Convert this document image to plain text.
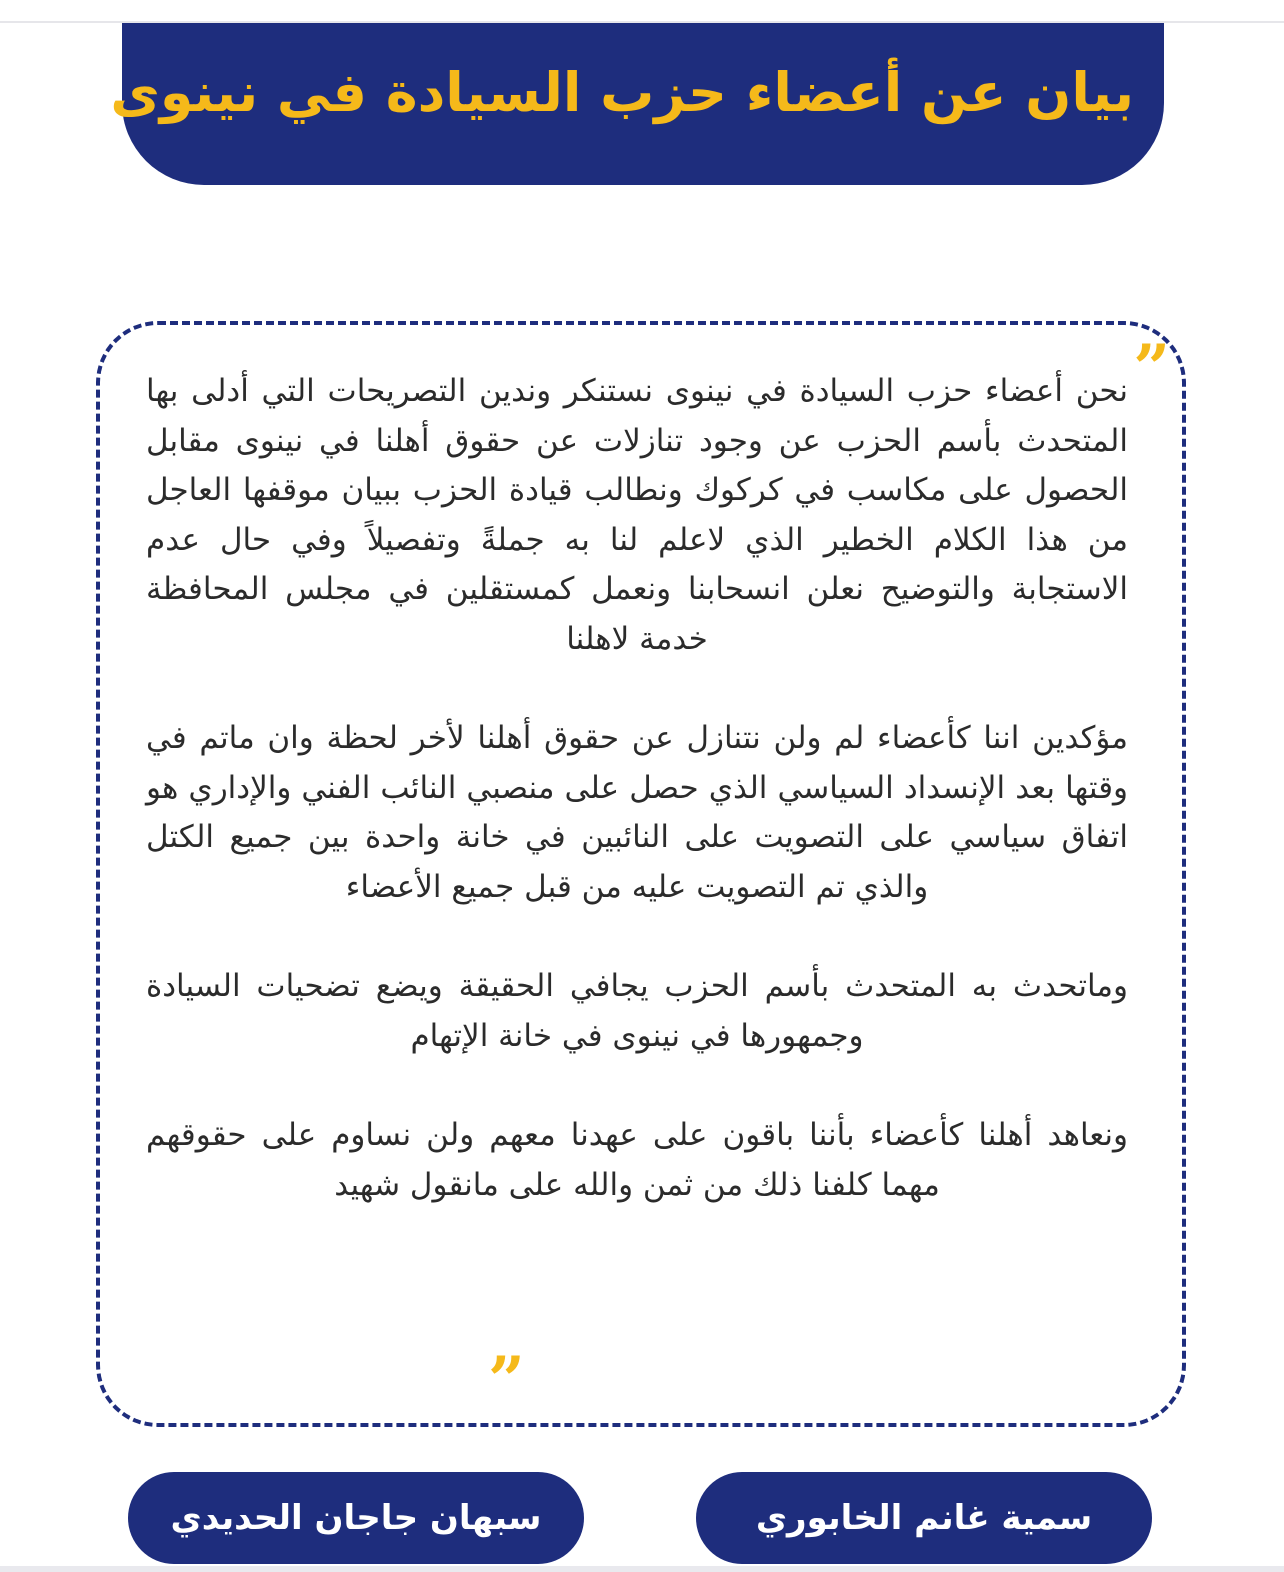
بيان عن أعضاء حزب السيادة في نينوى
”

نحن أعضاء حزب السيادة في نينوى نستنكر وندين التصريحات التي أدلى بها المتحدث بأسم الحزب عن وجود تنازلات عن حقوق أهلنا في نينوى مقابل الحصول على مكاسب في كركوك ونطالب قيادة الحزب ببيان موقفها العاجل من هذا الكلام الخطير الذي لاعلم لنا به جملةً وتفصيلاً وفي حال عدم الاستجابة والتوضيح نعلن انسحابنا ونعمل كمستقلين في مجلس المحافظة خدمة لاهلنا

مؤكدين اننا كأعضاء لم ولن نتنازل عن حقوق أهلنا لأخر لحظة وان ماتم في وقتها بعد الإنسداد السياسي الذي حصل على منصبي النائب الفني والإداري هو اتفاق سياسي على التصويت على النائبين في خانة واحدة بين جميع الكتل والذي تم التصويت عليه من قبل جميع الأعضاء

وماتحدث به المتحدث بأسم الحزب يجافي الحقيقة ويضع تضحيات السيادة وجمهورها في نينوى في خانة الإتهام

ونعاهد أهلنا كأعضاء بأننا باقون على عهدنا معهم ولن نساوم على حقوقهم مهما كلفنا ذلك من ثمن والله على مانقول شهيد

”
سمية غانم الخابوري
سبهان جاجان الحديدي
